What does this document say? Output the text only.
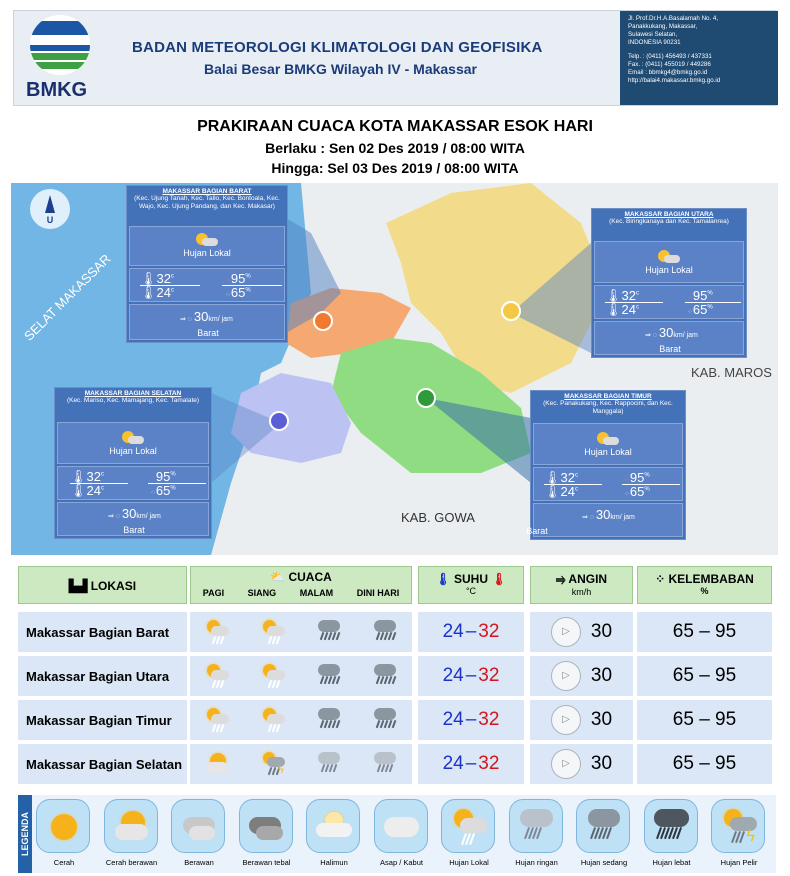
BMKG
BADAN METEOROLOGI KLIMATOLOGI DAN GEOFISIKA
Balai Besar BMKG Wilayah IV - Makassar
Jl. Prof.Dr.H.A.Basalamah No. 4,
Panakkukang, Makassar,
Sulawesi Selatan,
INDONESIA 90231
Telp. : (0411) 456493 / 437331
Fax. : (0411) 455019 / 449286
Email : bbmkg4@bmkg.go.id
http://balai4.makassar.bmkg.go.id
PRAKIRAAN CUACA KOTA MAKASSAR ESOK HARI
Berlaku : Sen 02 Des 2019 / 08:00 WITA
Hingga: Sel 03 Des 2019 / 08:00 WITA
U
SELAT MAKASSAR
KAB. MAROS
KAB. GOWA
MAKASSAR BAGIAN BARAT
(Kec. Ujung Tanah, Kec. Tallo, Kec. Bontoala, Kec. Wajo, Kec. Ujung Pandang, dan Kec. Makasar)
Hujan Lokal
🌡32$^c$
🌡24$^c$
⁘95%
⁘65%
⇒ ◌ 30km/ jam
Barat
MAKASSAR BAGIAN UTARA
(Kec. Biringkanaya dan Kec. Tamalanrea)
Hujan Lokal
🌡32$^c$
🌡24$^c$
⁘95%
⁘65%
⇒ ◌ 30km/ jam
Barat
MAKASSAR BAGIAN SELATAN
(Kec. Mariso, Kec. Mamajang, Kec. Tamalate)
Hujan Lokal
🌡32$^c$
🌡24$^c$
⁘95%
⁘65%
⇒ ◌ 30km/ jam
Barat
MAKASSAR BAGIAN TIMUR
(Kec. Panakukang, Kec. Rappocini, dan Kec. Manggala)
Hujan Lokal
🌡32$^c$
🌡24$^c$
⁘95%
⁘65%
⇒ ◌ 30km/ jam
Barat
▙▟ LOKASI
⛅ CUACA
PAGI	SIANG	MALAM	DINI HARI
🌡 SUHU 🌡
°C
⥤ ANGIN
km/h
⁘ KELEMBABAN
%
Makassar Bagian Barat	24 – 32	▷	30	65 – 95
Makassar Bagian Utara	24 – 32	▷	30	65 – 95
Makassar Bagian Timur	24 – 32	▷	30	65 – 95
Makassar Bagian Selatan	ϟ	24 – 32	▷	30	65 – 95
LEGENDA
Cerah	Cerah berawan	Berawan	Berawan tebal	Halimun	Asap / Kabut	Hujan Lokal	Hujan ringan	Hujan sedang	Hujan lebat
ϟ
Hujan Pelir
